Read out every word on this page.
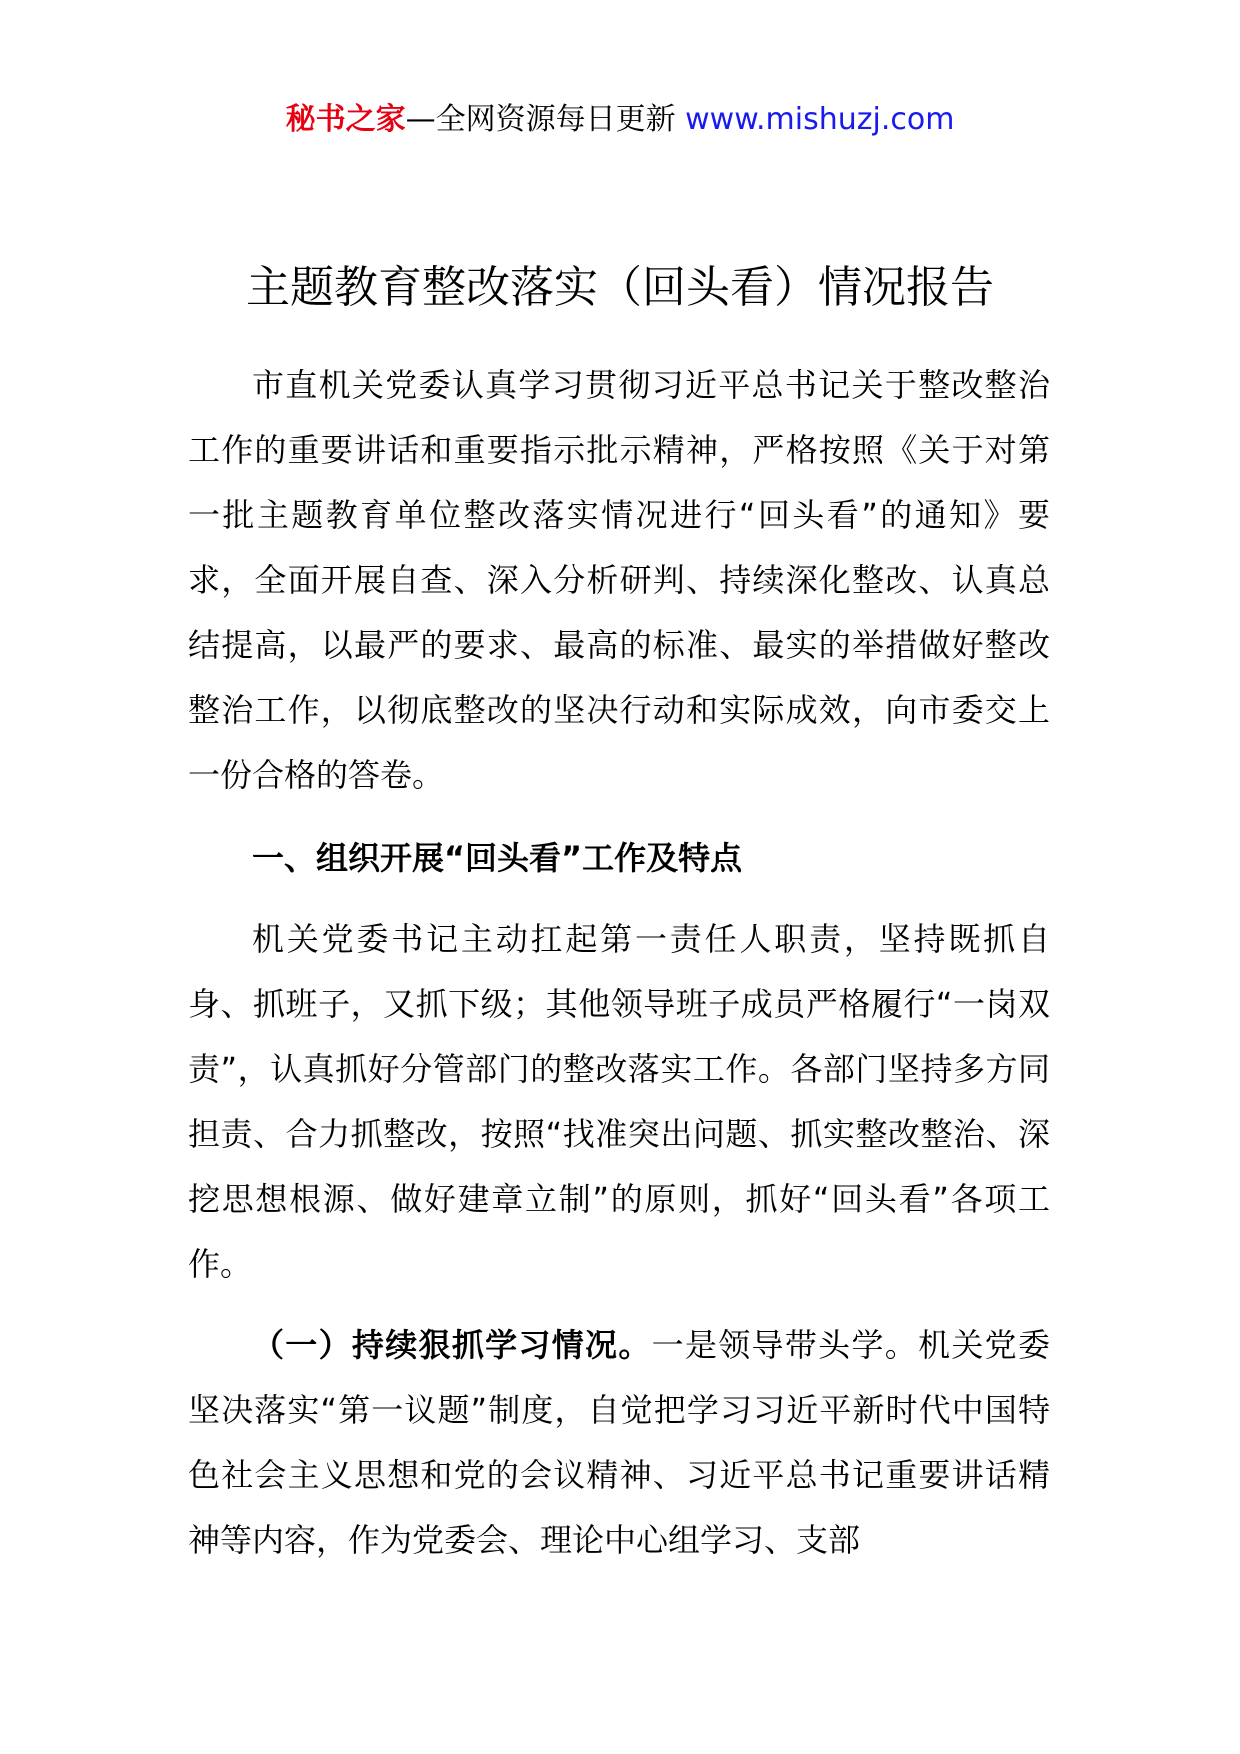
秘书之家—全网资源每日更新 www.mishuzj.com
主题教育整改落实（回头看）情况报告

市直机关党委认真学习贯彻习近平总书记关于整改整治工作的重要讲话和重要指示批示精神，严格按照《关于对第一批主题教育单位整改落实情况进行“回头看”的通知》要求，全面开展自查、深入分析研判、持续深化整改、认真总结提高，以最严的要求、最高的标准、最实的举措做好整改整治工作，以彻底整改的坚决行动和实际成效，向市委交上一份合格的答卷。

一、组织开展“回头看”工作及特点

机关党委书记主动扛起第一责任人职责，坚持既抓自身、抓班子，又抓下级；其他领导班子成员严格履行“一岗双责”，认真抓好分管部门的整改落实工作。各部门坚持多方同担责、合力抓整改，按照“找准突出问题、抓实整改整治、深挖思想根源、做好建章立制”的原则，抓好“回头看”各项工作。

（一）持续狠抓学习情况。一是领导带头学。机关党委坚决落实“第一议题”制度，自觉把学习习近平新时代中国特色社会主义思想和党的会议精神、习近平总书记重要讲话精神等内容，作为党委会、理论中心组学习、支部
